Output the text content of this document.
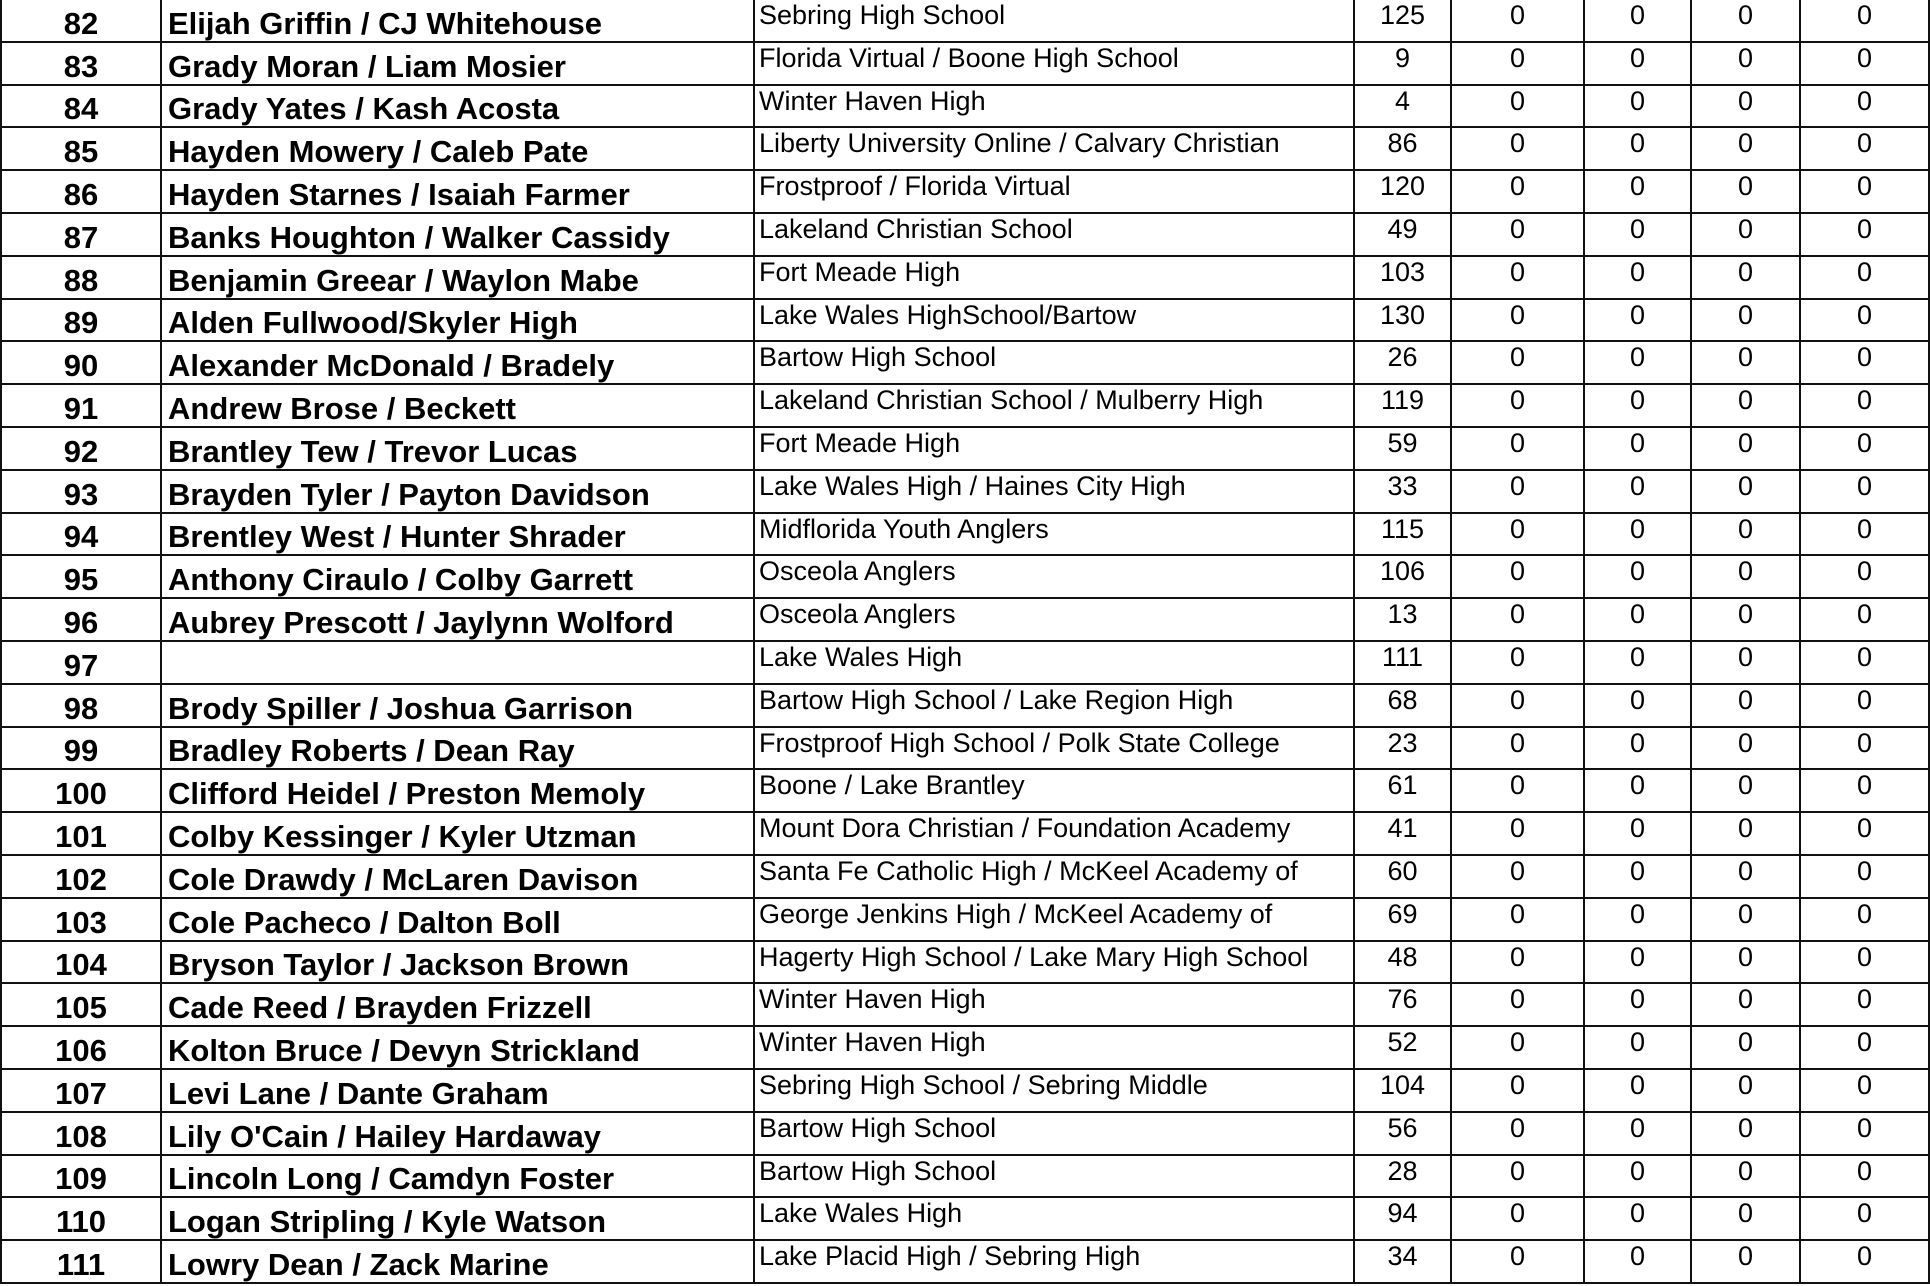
82	Elijah Griffin / CJ Whitehouse	Sebring High School	125	0	0	0	0
83	Grady Moran / Liam Mosier	Florida Virtual / Boone High School	9	0	0	0	0
84	Grady Yates / Kash Acosta	Winter Haven High	4	0	0	0	0
85	Hayden Mowery / Caleb Pate	Liberty University Online / Calvary Christian	86	0	0	0	0
86	Hayden Starnes / Isaiah Farmer	Frostproof / Florida Virtual	120	0	0	0	0
87	Banks Houghton / Walker Cassidy	Lakeland Christian School	49	0	0	0	0
88	Benjamin Greear / Waylon Mabe	Fort Meade High	103	0	0	0	0
89	Alden Fullwood/Skyler High	Lake Wales HighSchool/Bartow	130	0	0	0	0
90	Alexander McDonald / Bradely	Bartow High School	26	0	0	0	0
91	Andrew Brose / Beckett	Lakeland Christian School / Mulberry High	119	0	0	0	0
92	Brantley Tew / Trevor Lucas	Fort Meade High	59	0	0	0	0
93	Brayden Tyler / Payton Davidson	Lake Wales High / Haines City High	33	0	0	0	0
94	Brentley West / Hunter Shrader	Midflorida Youth Anglers	115	0	0	0	0
95	Anthony Ciraulo / Colby Garrett	Osceola Anglers	106	0	0	0	0
96	Aubrey Prescott / Jaylynn Wolford	Osceola Anglers	13	0	0	0	0
97		Lake Wales High	111	0	0	0	0
98	Brody Spiller / Joshua Garrison	Bartow High School / Lake Region High	68	0	0	0	0
99	Bradley Roberts / Dean Ray	Frostproof High School / Polk State College	23	0	0	0	0
100	Clifford Heidel / Preston Memoly	Boone / Lake Brantley	61	0	0	0	0
101	Colby Kessinger / Kyler Utzman	Mount Dora Christian / Foundation Academy	41	0	0	0	0
102	Cole Drawdy / McLaren Davison	Santa Fe Catholic High / McKeel Academy of	60	0	0	0	0
103	Cole Pacheco / Dalton Boll	George Jenkins High / McKeel Academy of	69	0	0	0	0
104	Bryson Taylor / Jackson Brown	Hagerty High School / Lake Mary High School	48	0	0	0	0
105	Cade Reed / Brayden Frizzell	Winter Haven High	76	0	0	0	0
106	Kolton Bruce / Devyn Strickland	Winter Haven High	52	0	0	0	0
107	Levi Lane / Dante Graham	Sebring High School / Sebring Middle	104	0	0	0	0
108	Lily O'Cain / Hailey Hardaway	Bartow High School	56	0	0	0	0
109	Lincoln Long / Camdyn Foster	Bartow High School	28	0	0	0	0
110	Logan Stripling / Kyle Watson	Lake Wales High	94	0	0	0	0
111	Lowry Dean / Zack Marine	Lake Placid High / Sebring High	34	0	0	0	0
